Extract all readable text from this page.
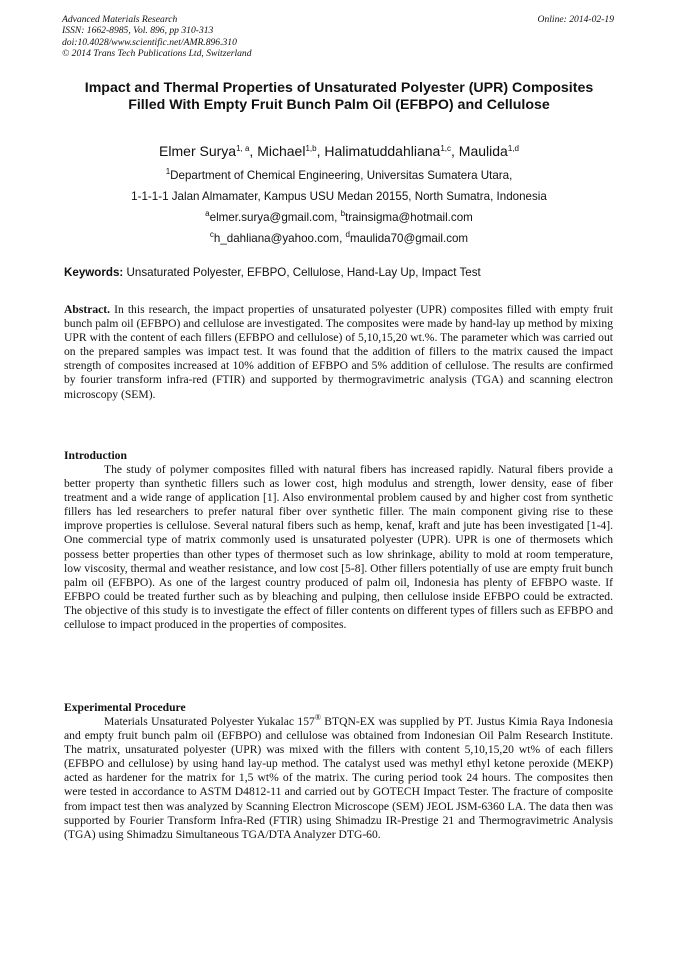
Advanced Materials Research
ISSN: 1662-8985, Vol. 896, pp 310-313
doi:10.4028/www.scientific.net/AMR.896.310
© 2014 Trans Tech Publications Ltd, Switzerland
Online: 2014-02-19
Impact and Thermal Properties of Unsaturated Polyester (UPR) Composites Filled With Empty Fruit Bunch Palm Oil (EFBPO) and Cellulose
Elmer Surya$^{1, a}$, Michael$^{1,b}$, Halimatuddahliana$^{1,c}$, Maulida$^{1,d}$
$^1$Department of Chemical Engineering, Universitas Sumatera Utara,
1-1-1-1 Jalan Almamater, Kampus USU Medan 20155, North Sumatra, Indonesia
$^a$elmer.surya@gmail.com, $^b$trainsigma@hotmail.com
$^c$h_dahliana@yahoo.com, $^d$maulida70@gmail.com
Keywords: Unsaturated Polyester, EFBPO, Cellulose, Hand-Lay Up, Impact Test
Abstract. In this research, the impact properties of unsaturated polyester (UPR) composites filled with empty fruit bunch palm oil (EFBPO) and cellulose are investigated. The composites were made by hand-lay up method by mixing UPR with the content of each fillers (EFBPO and cellulose) of 5,10,15,20 wt.%. The parameter which was carried out on the prepared samples was impact test. It was found that the addition of fillers to the matrix caused the impact strength of composites increased at 10% addition of EFBPO and 5% addition of cellulose. The results are confirmed by fourier transform infra-red (FTIR) and supported by thermogravimetric analysis (TGA) and scanning electron microscopy (SEM).
Introduction
The study of polymer composites filled with natural fibers has increased rapidly. Natural fibers provide a better property than synthetic fillers such as lower cost, high modulus and strength, lower density, ease of fiber treatment and a wide range of application [1]. Also environmental problem caused by and higher cost from synthetic fillers has led researchers to prefer natural fiber over synthetic filler. The main component giving rise to these improve properties is cellulose. Several natural fibers such as hemp, kenaf, kraft and jute has been investigated [1-4]. One commercial type of matrix commonly used is unsaturated polyester (UPR). UPR is one of thermosets which possess better properties than other types of thermoset such as low shrinkage, ability to mold at room temperature, low viscosity, thermal and weather resistance, and low cost [5-8]. Other fillers potentially of use are empty fruit bunch palm oil (EFBPO). As one of the largest country produced of palm oil, Indonesia has plenty of EFBPO waste. If EFBPO could be treated further such as by bleaching and pulping, then cellulose inside EFBPO could be extracted. The objective of this study is to investigate the effect of filler contents on different types of fillers such as EFBPO and cellulose to impact produced in the properties of composites.
Experimental Procedure
Materials Unsaturated Polyester Yukalac 157® BTQN-EX was supplied by PT. Justus Kimia Raya Indonesia and empty fruit bunch palm oil (EFBPO) and cellulose was obtained from Indonesian Oil Palm Research Institute. The matrix, unsaturated polyester (UPR) was mixed with the fillers with content 5,10,15,20 wt% of each fillers (EFBPO and cellulose) by using hand lay-up method. The catalyst used was methyl ethyl ketone peroxide (MEKP) acted as hardener for the matrix for 1,5 wt% of the matrix. The curing period took 24 hours. The composites then were tested in accordance to ASTM D4812-11 and carried out by GOTECH Impact Tester. The fracture of composite from impact test then was analyzed by Scanning Electron Microscope (SEM) JEOL JSM-6360 LA. The data then was supported by Fourier Transform Infra-Red (FTIR) using Shimadzu IR-Prestige 21 and Thermogravimetric Analysis (TGA) using Shimadzu Simultaneous TGA/DTA Analyzer DTG-60.
